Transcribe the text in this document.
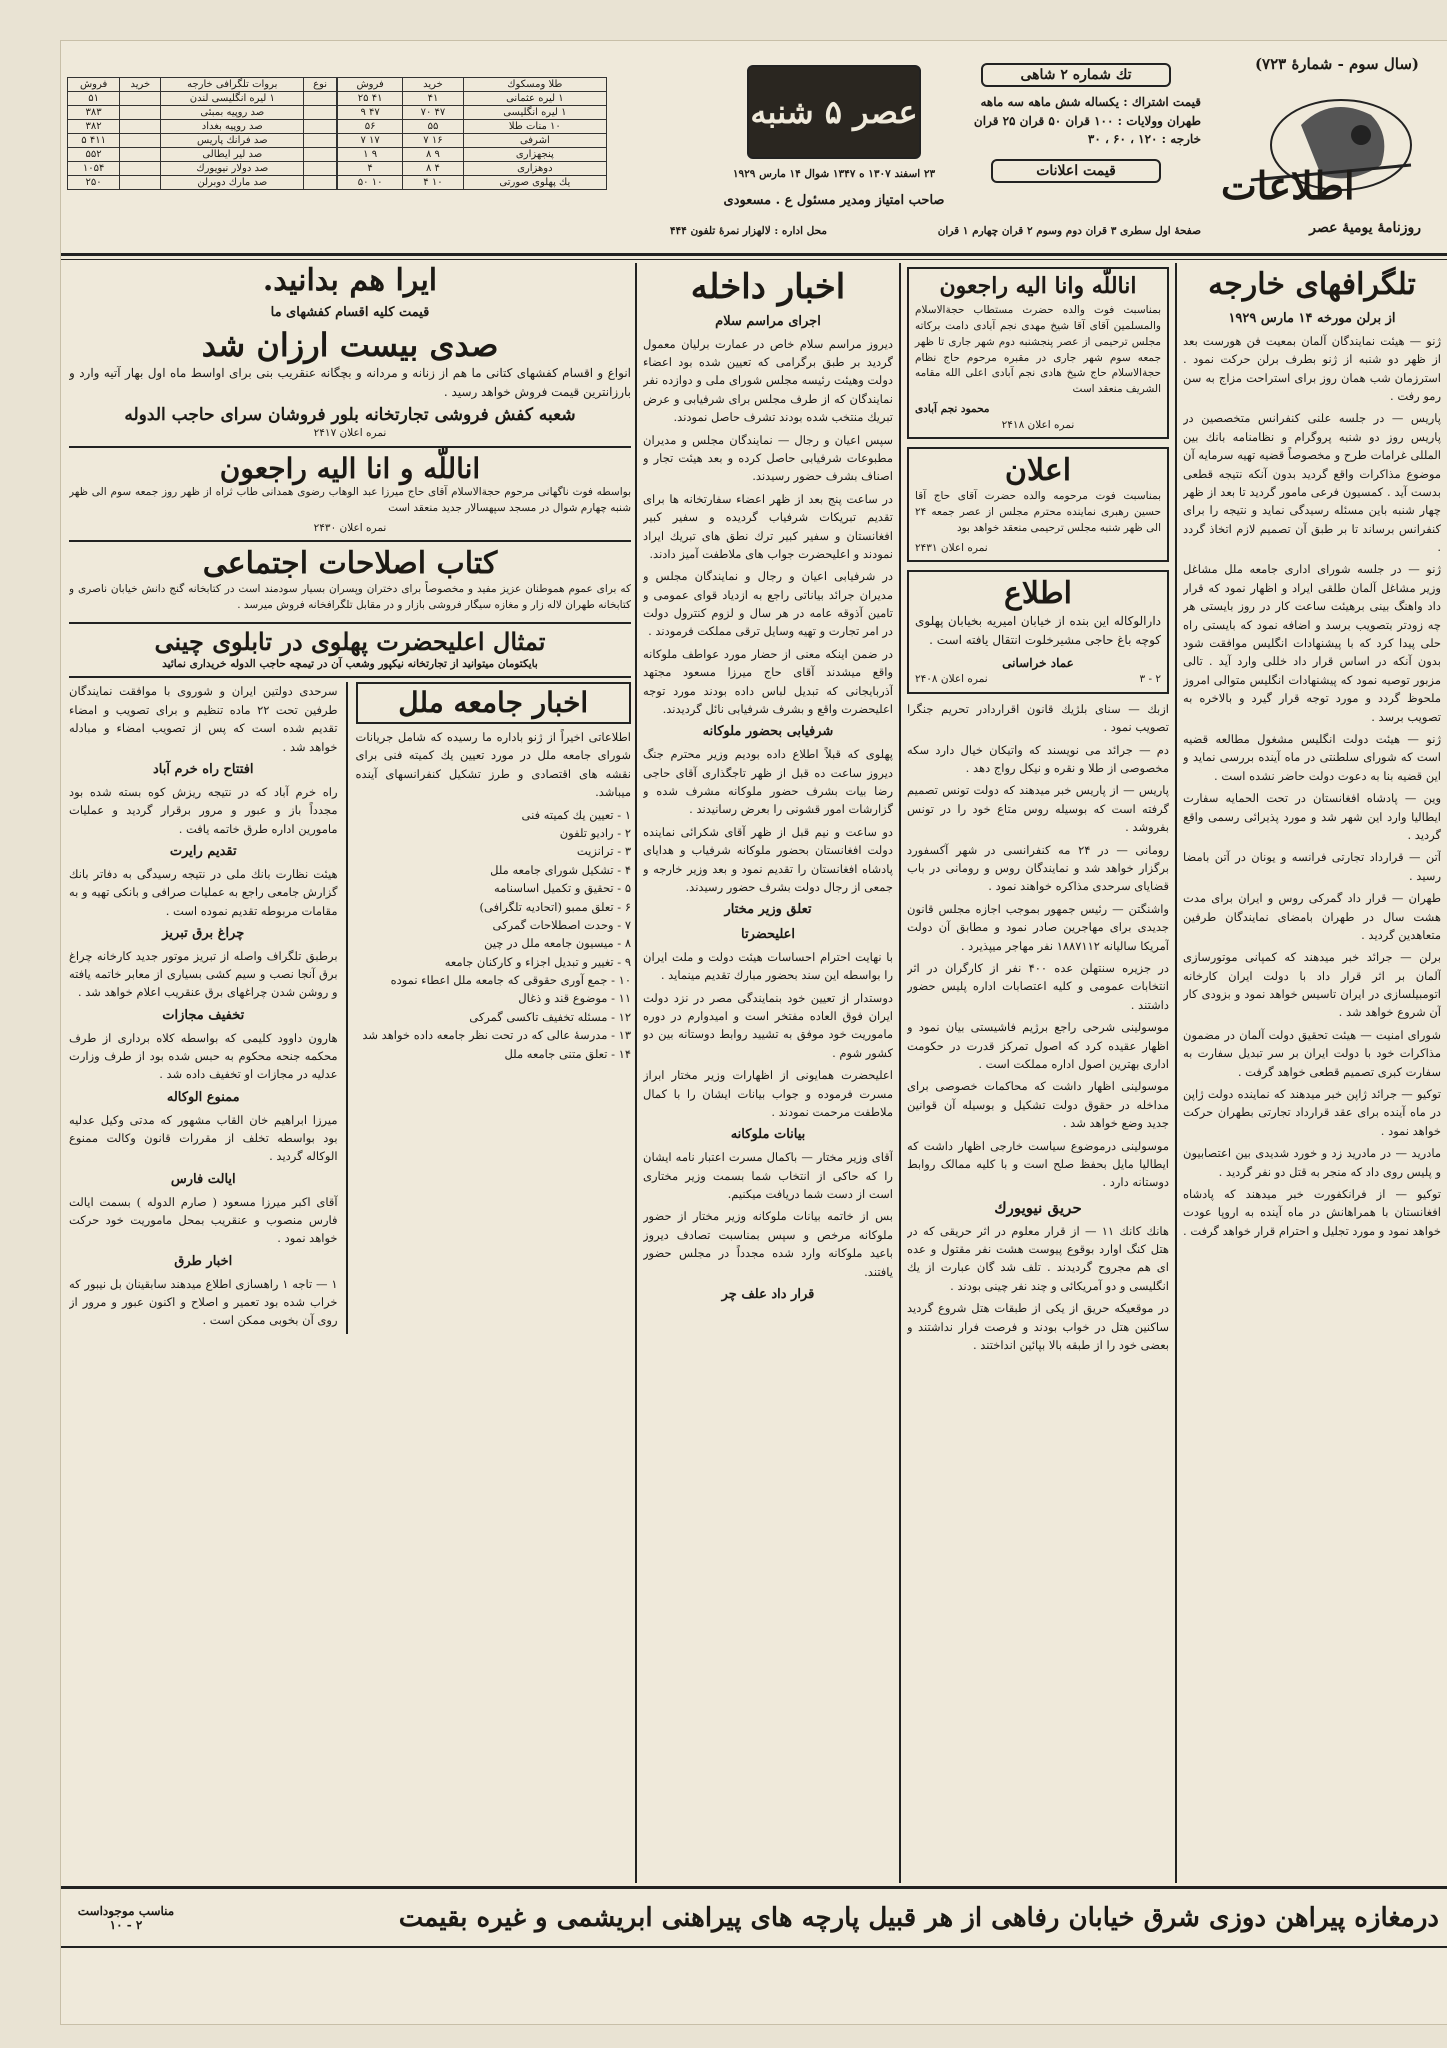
(سال سوم - شمارهٔ ۷۲۳)
اطلاعات
روزنامهٔ یومیهٔ عصر
تك شماره ۲ شاهی
قیمت اشتراك : یکساله شش ماهه سه ماهه
طهران وولایات : ۱۰۰ قران ۵۰ قران ۲۵ قران
خارجه : ۱۲۰ ، ۶۰ ، ۳۰
قیمت اعلانات
صفحهٔ اول سطری ۳ قران دوم وسوم ۲ قران چهارم ۱ قران
عصر ۵ شنبه
۲۳ اسفند ۱۳۰۷ ه ۱۳۴۷ شوال ۱۴ مارس ۱۹۲۹
صاحب امتیاز ومدیر مسئول ع . مسعودی
محل اداره : لالهزار نمرهٔ تلفون ۴۴۴
طلا ومسکوك	خرید	فروش
۱ لیره عثمانی	۴۱	۴۱ ۲۵
۱ لیره انگلیسی	۴۷ ۷۰	۴۷ ۹
۱۰ منات طلا	۵۵	۵۶
اشرفی	۱۶ ۷	۱۷ ۷
پنجهزاری	۹ ۸	۹ ۱
دوهزاری	۴ ۸	۴
یك پهلوی صورتی	۱۰ ۴	۱۰ ۵۰
نوع	بروات تلگرافی خارجه	خرید	فروش
	۱ لیره انگلیسی لندن		۵۱
	صد روپیه بمبئی		۳۸۳
	صد روپیه بغداد		۳۸۲
	صد فرانك پاریس		۴۱۱ ۵
	صد لیر ایطالی		۵۵۲
	صد دولار نیویورك		۱۰۵۴
	صد مارك دوبرلن		۲۵۰
تلگرافهای خارجه
از برلن مورخه ۱۴ مارس ۱۹۲۹

ژنو — هیئت نمایندگان آلمان بمعیت فن هورست بعد از ظهر دو شنبه از ژنو بطرف برلن حرکت نمود . استرزمان شب همان روز برای استراحت مزاج به سن رمو رفت .

پاریس — در جلسه علنی کنفرانس متخصصین در پاریس روز دو شنبه پروگرام و نظامنامه بانك بین المللی غرامات طرح و مخصوصاً قضیه تهیه سرمایه آن موضوع مذاکرات واقع گردید بدون آنکه نتیجه قطعی بدست آید . کمسیون فرعی مامور گردید تا بعد از ظهر چهار شنبه باین مسئله رسیدگی نماید و نتیجه را برای کنفرانس برساند تا بر طبق آن تصمیم لازم اتخاذ گردد .

ژنو — در جلسه شورای اداری جامعه ملل مشاغل وزیر مشاغل آلمان طلقی ایراد و اظهار نمود که قرار داد واهنگ بینی برهیئت ساعت کار در روز بایستی هر چه زودتر بتصویب برسد و اضافه نمود که بایستی راه حلی پیدا کرد که با پیشنهادات انگلیس موافقت شود بدون آنکه در اساس قرار داد خللی وارد آید . تالی مزبور توصیه نمود که پیشنهادات انگلیس متوالی امروز ملحوظ گردد و مورد توجه قرار گیرد و بالاخره به تصویب برسد .

ژنو — هیئت دولت انگلیس مشغول مطالعه قضیه است که شورای سلطنتی در ماه آینده بررسی نماید و این قضیه بنا به دعوت دولت حاضر نشده است .

وین — پادشاه افغانستان در تحت الحمایه سفارت ایطالیا وارد این شهر شد و مورد پذیرائی رسمی واقع گردید .

آتن — قرارداد تجارتی فرانسه و یونان در آتن بامضا رسید .

طهران — قرار داد گمرکی روس و ایران برای مدت هشت سال در طهران بامضای نمایندگان طرفین متعاهدین گردید .

برلن — جرائد خبر میدهند که کمپانی موتورسازی آلمان بر اثر قرار داد با دولت ایران کارخانه اتومبیلسازی در ایران تاسیس خواهد نمود و بزودی کار آن شروع خواهد شد .

شورای امنیت — هیئت تحقیق دولت آلمان در مضمون مذاکرات خود با دولت ایران بر سر تبدیل سفارت به سفارت کبری تصمیم قطعی خواهد گرفت .

توکیو — جرائد ژاپن خبر میدهند که نماینده دولت ژاپن در ماه آینده برای عقد قرارداد تجارتی بطهران حرکت خواهد نمود .

مادرید — در مادرید زد و خورد شدیدی بین اعتصابیون و پلیس روی داد که منجر به قتل دو نفر گردید .

توکیو — از فرانکفورت خبر میدهند که پادشاه افغانستان با همراهانش در ماه آینده به اروپا عودت خواهد نمود و مورد تجلیل و احترام قرار خواهد گرفت .

اناللّه وانا الیه راجعون

بمناسبت فوت والده حضرت مستطاب حجةالاسلام والمسلمین آقای آقا شیخ مهدی نجم آبادی دامت برکاته مجلس ترحیمی از عصر پنجشنبه دوم شهر جاری تا ظهر جمعه سوم شهر جاری در مقبره مرحوم حاج نظام حجةالاسلام حاج شیخ هادی نجم آبادی اعلی الله مقامه الشریف منعقد است

محمود نجم آبادی
نمره اعلان ۲۴۱۸
اعلان

بمناسبت فوت مرحومه والده حضرت آقای حاج آقا حسین رهبری نماینده محترم مجلس از عصر جمعه ۲۴ الی ظهر شنبه مجلس ترحیمی منعقد خواهد بود

نمره اعلان ۲۴۳۱
اطلاع

دارالوکاله این بنده از خیابان امیریه بخیابان پهلوی کوچه باغ حاجی مشیرخلوت انتقال یافته است .

عماد خراسانی
۲ - ۳
نمره اعلان ۲۴۰۸

ازبك — سنای بلژیك قانون اقراردادر تحریم جنگرا تصویب نمود .

دم — جرائد می نویسند که واتیکان خیال دارد سکه مخصوصی از طلا و نقره و نیکل رواج دهد .

پاریس — از پاریس خبر میدهند که دولت تونس تصمیم گرفته است که بوسیله روس متاع خود را در تونس بفروشد .

رومانی — در ۲۴ مه کنفرانسی در شهر آکسفورد برگزار خواهد شد و نمایندگان روس و رومانی در باب قضایای سرحدی مذاکره خواهند نمود .

واشنگتن — رئیس جمهور بموجب اجازه مجلس قانون جدیدی برای مهاجرین صادر نمود و مطابق آن دولت آمریکا سالیانه ۱۸۸۷۱۱۲ نفر مهاجر میپذیرد .

در جزیره سنتهلن عده ۴۰۰ نفر از کارگران در اثر انتخابات عمومی و کلیه اعتصابات اداره پلیس حضور داشتند .

موسولینی شرحی راجع برژیم فاشیستی بیان نمود و اظهار عقیده کرد که اصول تمرکز قدرت در حکومت اداری بهترین اصول اداره مملکت است .

موسولینی اظهار داشت که محاکمات خصوصی برای مداخله در حقوق دولت تشکیل و بوسیله آن قوانین جدید وضع خواهد شد .

موسولینی درموضوع سیاست خارجی اظهار داشت که ایطالیا مایل بحفظ صلح است و با کلیه ممالک روابط دوستانه دارد .

حریق نیویورك

هانك كانك ۱۱ — از قرار معلوم در اثر حریقی که در هتل کنگ اوارد بوقوع پیوست هشت نفر مقتول و عده ای هم مجروح گردیدند . تلف شد گان عبارت از یك انگلیسی و دو آمریکائی و چند نفر چینی بودند .

در موقعیکه حریق از یکی از طبقات هتل شروع گردید ساکنین هتل در خواب بودند و فرصت فرار نداشتند و بعضی خود را از طبقه بالا بپائین انداختند .

اخبار داخله
اجرای مراسم سلام

دیروز مراسم سلام خاص در عمارت برلیان معمول گردید بر طبق برگرامی که تعیین شده بود اعضاء دولت وهیئت رئیسه مجلس شورای ملی و دوازده نفر نمایندگان که از طرف مجلس برای شرفیابی و عرض تبریك منتخب شده بودند تشرف حاصل نمودند.

سپس اعیان و رجال — نمایندگان مجلس و مدیران مطبوعات شرفیابی حاصل کرده و بعد هیئت تجار و اصناف بشرف حضور رسیدند.

در ساعت پنج بعد از ظهر اعضاء سفارتخانه ها برای تقدیم تبریکات شرفیاب گردیده و سفیر کبیر افغانستان و سفیر کبیر ترك نطق های تبریك ایراد نمودند و اعلیحضرت جواب های ملاطفت آمیز دادند.

در شرفیابی اعیان و رجال و نمایندگان مجلس و مدیران جرائد بیاناتی راجع به ازدیاد قوای عمومی و تامین آذوقه عامه در هر سال و لزوم کنترول دولت در امر تجارت و تهیه وسایل ترقی مملکت فرمودند .

در ضمن اینکه معنی از حضار مورد عواطف ملوکانه واقع میشدند آقای حاج میرزا مسعود مجتهد آذربایجانی که تبدیل لباس داده بودند مورد توجه اعلیحضرت واقع و بشرف شرفیابی نائل گردیدند.

شرفیابی بحضور ملوکانه

پهلوی که قبلاً اطلاع داده بودیم وزیر محترم جنگ دیروز ساعت ده قبل از ظهر تاجگذاری آقای حاجی رضا بیات بشرف حضور ملوکانه مشرف شده و گزارشات امور قشونی را بعرض رسانیدند .

دو ساعت و نیم قبل از ظهر آقای شکرائی نماینده دولت افغانستان بحضور ملوکانه شرفیاب و هدایای پادشاه افغانستان را تقدیم نمود و بعد وزیر خارجه و جمعی از رجال دولت بشرف حضور رسیدند.

تعلق وزیر مختار
اعلیحضرتا

با نهایت احترام احساسات هیئت دولت و ملت ایران را بواسطه این سند بحضور مبارك تقدیم مینماید .

دوستدار از تعیین خود بنمایندگی مصر در نزد دولت ایران فوق العاده مفتخر است و امیدوارم در دوره ماموریت خود موفق به تشیید روابط دوستانه بین دو کشور شوم .

اعلیحضرت همایونی از اظهارات وزیر مختار ابراز مسرت فرموده و جواب بیانات ایشان را با کمال ملاطفت مرحمت نمودند .

بیانات ملوکانه

آقای وزیر مختار — باكمال مسرت اعتبار نامه ایشان را که حاکی از انتخاب شما بسمت وزیر مختاری است از دست شما دریافت میکنیم.

بس از خاتمه بیانات ملوکانه وزیر مختار از حضور ملوکانه مرخص و سپس بمناسبت تصادف دیروز باعید ملوکانه وارد شده مجدداً در مجلس حضور یافتند.

قرار داد علف چر
ایرا هم بدانید.
قیمت کلیه اقسام کفشهای ما
صدی بیست ارزان شد

انواع و اقسام کفشهای کتانی ما هم از زنانه و مردانه و بچگانه عنقریب بنی برای اواسط ماه اول بهار آتیه وارد و بارزانترین قیمت فروش خواهد رسید .

شعبه کفش فروشی تجارتخانه بلور فروشان سرای حاجب الدوله
نمره اعلان ۲۴۱۷
اناللّه و انا الیه راجعون

بواسطه فوت ناگهانی مرحوم حجةالاسلام آقای حاج میرزا عبد الوهاب رضوی همدانی طاب ثراه از ظهر روز جمعه سوم الی ظهر شنبه چهارم شوال در مسجد سپهسالار جدید منعقد است

نمره اعلان ۲۴۳۰
کتاب اصلاحات اجتماعی

که برای عموم هموطنان عزیز مفید و مخصوصاً برای دختران وپسران بسیار سودمند است در کتابخانه گنج دانش خیابان ناصری و کتابخانه طهران لاله زار و مغازه سیگار فروشی بازار و در مقابل تلگرافخانه فروش میرسد .

تمثال اعلیحضرت پهلوی در تابلوی چینی
بایکتومان میتوانید از تجارتخانه نیکپور وشعب آن در تیمچه حاجب الدوله خریداری نمائید
اخبار جامعه ملل

اطلاعاتی اخیراً از ژنو باداره ما رسیده که شامل جریانات شورای جامعه ملل در مورد تعیین یك کمیته فنی برای نقشه های اقتصادی و طرز تشکیل کنفرانسهای آینده میباشد.

۱ - تعیین یك کمیته فنی
۲ - رادیو تلفون
۳ - ترانزیت
۴ - تشکیل شورای جامعه ملل
۵ - تحقیق و تکمیل اساسنامه
۶ - تعلق ممبو (اتحادیه تلگرافی)
۷ - وحدت اصطلاحات گمرکی
۸ - میسیون جامعه ملل در چین
۹ - تغییر و تبدیل اجزاء و کارکنان جامعه
۱۰ - جمع آوری حقوقی که جامعه ملل اعطاء نموده
۱۱ - موضوع قند و ذغال
۱۲ - مسئله تخفیف تاکسی گمرکی
۱۳ - مدرسهٔ عالی که در تحت نظر جامعه داده خواهد شد
۱۴ - تعلق متنی جامعه ملل

سرحدی دولتین ایران و شوروی با موافقت نمایندگان طرفین تحت ۲۲ ماده تنظیم و برای تصویب و امضاء تقدیم شده است که پس از تصویب امضاء و مبادله خواهد شد .

افتتاح راه خرم آباد

راه خرم آباد که در نتیجه ریزش کوه بسته شده بود مجدداً باز و عبور و مرور برقرار گردید و عملیات مامورین اداره طرق خاتمه یافت .

تقدیم رایرت

هیئت نظارت بانك ملی در نتیجه رسیدگی به دفاتر بانك گزارش جامعی راجع به عملیات صرافی و بانکی تهیه و به مقامات مربوطه تقدیم نموده است .

چراغ برق تبریز

برطبق تلگراف واصله از تبریز موتور جدید کارخانه چراغ برق آنجا نصب و سیم کشی بسیاری از معابر خاتمه یافته و روشن شدن چراغهای برق عنقریب اعلام خواهد شد .

تخفیف مجازات

هارون داوود کلیمی که بواسطه کلاه برداری از طرف محکمه جنحه محکوم به حبس شده بود از طرف وزارت عدلیه در مجازات او تخفیف داده شد .

ممنوع الوکاله

میرزا ابراهیم خان القاب مشهور که مدتی وکیل عدلیه بود بواسطه تخلف از مقررات قانون وکالت ممنوع الوکاله گردید .

ایالت فارس

آقای اکبر میرزا مسعود ( صارم الدوله ) بسمت ایالت فارس منصوب و عنقریب بمحل ماموریت خود حرکت خواهد نمود .

اخبار طرق

۱ — تاجه ۱ راهسازی اطلاع میدهند سابقینان بل نیبور که خراب شده بود تعمیر و اصلاح و اکنون عبور و مرور از روی آن بخوبی ممکن است .

درمغازه پیراهن دوزی شرق خیابان رفاهی از هر قبیل پارچه های پیراهنی ابریشمی و غیره بقیمت
مناسب موجوداست
۲ - ۱۰
